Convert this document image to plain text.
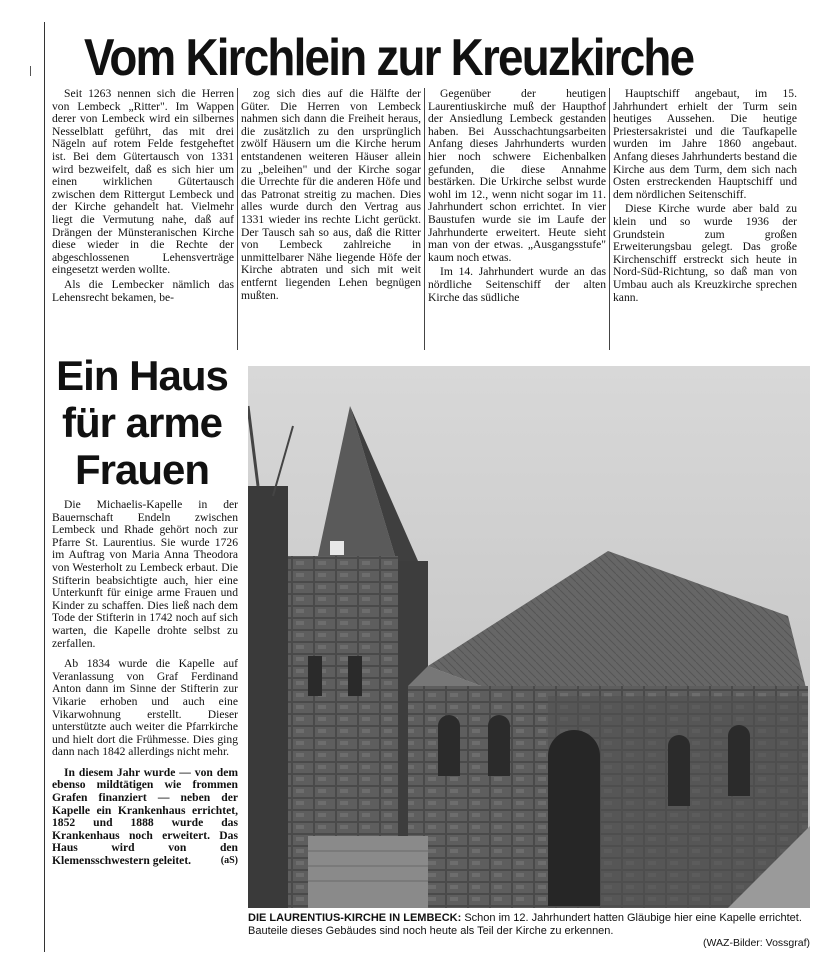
Vom Kirchlein zur Kreuzkirche

Seit 1263 nennen sich die Herren von Lembeck „Ritter". Im Wappen derer von Lembeck wird ein silbernes Nesselblatt geführt, das mit drei Nägeln auf rotem Felde festgeheftet ist. Bei dem Gütertausch von 1331 wird bezweifelt, daß es sich hier um einen wirklichen Gütertausch zwischen dem Rittergut Lembeck und der Kirche gehandelt hat. Vielmehr liegt die Vermutung nahe, daß auf Drängen der Münsteranischen Kirche diese wieder in die Rechte der abgeschlossenen Lehensverträge eingesetzt werden wollte.

Als die Lembecker nämlich das Lehensrecht bekamen, be-

zog sich dies auf die Hälfte der Güter. Die Herren von Lembeck nahmen sich dann die Freiheit heraus, die zusätzlich zu den ursprünglich zwölf Häusern um die Kirche herum entstandenen weiteren Häuser allein zu „beleihen" und der Kirche sogar die Urrechte für die anderen Höfe und das Patronat streitig zu machen. Dies alles wurde durch den Vertrag aus 1331 wieder ins rechte Licht gerückt. Der Tausch sah so aus, daß die Ritter von Lembeck zahlreiche in unmittelbarer Nähe liegende Höfe der Kirche abtraten und sich mit weit entfernt liegenden Lehen begnügen mußten.

Gegenüber der heutigen Laurentiuskirche muß der Haupthof der Ansiedlung Lembeck gestanden haben. Bei Ausschachtungsarbeiten Anfang dieses Jahrhunderts wurden hier noch schwere Eichenbalken gefunden, die diese Annahme bestärken. Die Urkirche selbst wurde wohl im 12., wenn nicht sogar im 11. Jahrhundert schon errichtet. In vier Baustufen wurde sie im Laufe der Jahrhunderte erweitert. Heute sieht man von der etwas. „Ausgangsstufe" kaum noch etwas.

Im 14. Jahrhundert wurde an das nördliche Seitenschiff der alten Kirche das südliche

Hauptschiff angebaut, im 15. Jahrhundert erhielt der Turm sein heutiges Aussehen. Die heutige Priestersakristei und die Taufkapelle wurden im Jahre 1860 angebaut. Anfang dieses Jahrhunderts bestand die Kirche aus dem Turm, dem sich nach Osten erstreckenden Hauptschiff und dem nördlichen Seitenschiff.

Diese Kirche wurde aber bald zu klein und so wurde 1936 der Grundstein zum großen Erweiterungsbau gelegt. Das große Kirchenschiff erstreckt sich heute in Nord-Süd-Richtung, so daß man von Umbau auch als Kreuzkirche sprechen kann.

Ein Haus
für arme
Frauen

Die Michaelis-Kapelle in der Bauernschaft Endeln zwischen Lembeck und Rhade gehört noch zur Pfarre St. Laurentius. Sie wurde 1726 im Auftrag von Maria Anna Theodora von Westerholt zu Lembeck erbaut. Die Stifterin beabsichtigte auch, hier eine Unterkunft für einige arme Frauen und Kinder zu schaffen. Dies ließ nach dem Tode der Stifterin in 1742 noch auf sich warten, die Kapelle drohte selbst zu zerfallen.

Ab 1834 wurde die Kapelle auf Veranlassung von Graf Ferdinand Anton dann im Sinne der Stifterin zur Vikarie erhoben und auch eine Vikarwohnung erstellt. Dieser unterstützte auch weiter die Pfarrkirche und hielt dort die Frühmesse. Dies ging dann nach 1842 allerdings nicht mehr.

In diesem Jahr wurde — von dem ebenso mildtätigen wie frommen Grafen finanziert — neben der Kapelle ein Krankenhaus errichtet, 1852 und 1888 wurde das Krankenhaus noch erweitert. Das Haus wird von den Klemensschwestern geleitet.	(aS)

DIE LAURENTIUS-KIRCHE IN LEMBECK: Schon im 12. Jahrhundert hatten Gläubige hier eine Kapelle errichtet. Bauteile dieses Gebäudes sind noch heute als Teil der Kirche zu erkennen.
(WAZ-Bilder: Vossgraf)
